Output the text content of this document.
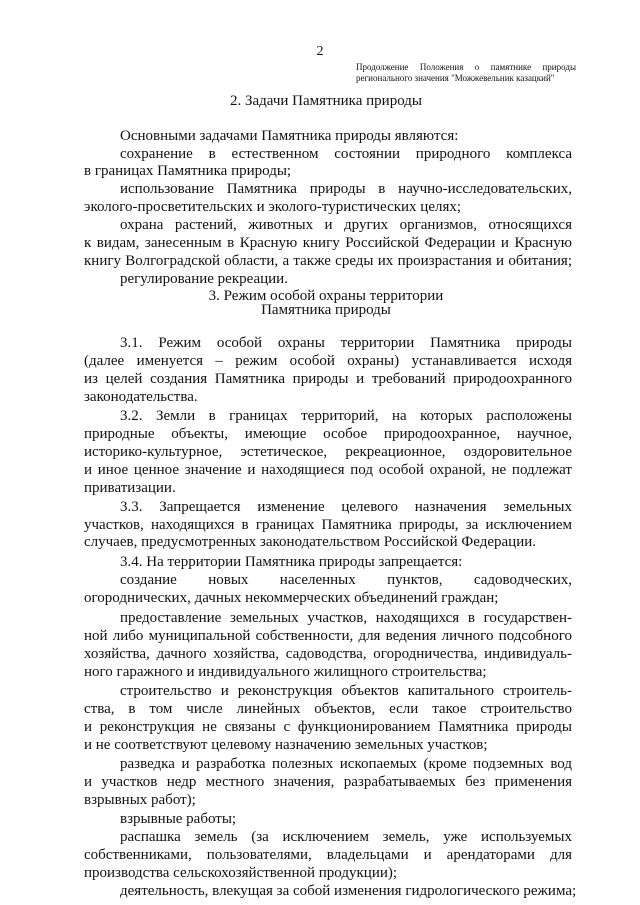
2
Продолжение Положения о памятнике природы
регионального значения "Можжевельник казацкий"
2. Задачи Памятника природы
Основными задачами Памятника природы являются:
сохранение в естественном состоянии природного комплекса
в границах Памятника природы;
использование Памятника природы в научно-исследовательских,
эколого-просветительских и эколого-туристических целях;
охрана растений, животных и других организмов, относящихся
к видам, занесенным в Красную книгу Российской Федерации и Красную
книгу Волгоградской области, а также среды их произрастания и обитания;
регулирование рекреации.
3. Режим особой охраны территории
Памятника природы
3.1. Режим особой охраны территории Памятника природы
(далее именуется – режим особой охраны) устанавливается исходя
из целей создания Памятника природы и требований природоохранного
законодательства.
3.2. Земли в границах территорий, на которых расположены
природные объекты, имеющие особое природоохранное, научное,
историко-культурное, эстетическое, рекреационное, оздоровительное
и иное ценное значение и находящиеся под особой охраной, не подлежат
приватизации.
3.3. Запрещается изменение целевого назначения земельных
участков, находящихся в границах Памятника природы, за исключением
случаев, предусмотренных законодательством Российской Федерации.
3.4. На территории Памятника природы запрещается:
создание новых населенных пунктов, садоводческих,
огороднических, дачных некоммерческих объединений граждан;
предоставление земельных участков, находящихся в государствен-
ной либо муниципальной собственности, для ведения личного подсобного
хозяйства, дачного хозяйства, садоводства, огородничества, индивидуаль-
ного гаражного и индивидуального жилищного строительства;
строительство и реконструкция объектов капитального строитель-
ства, в том числе линейных объектов, если такое строительство
и реконструкция не связаны с функционированием Памятника природы
и не соответствуют целевому назначению земельных участков;
разведка и разработка полезных ископаемых (кроме подземных вод
и участков недр местного значения, разрабатываемых без применения
взрывных работ);
взрывные работы;
распашка земель (за исключением земель, уже используемых
собственниками, пользователями, владельцами и арендаторами для
производства сельскохозяйственной продукции);
деятельность, влекущая за собой изменения гидрологического режима;
